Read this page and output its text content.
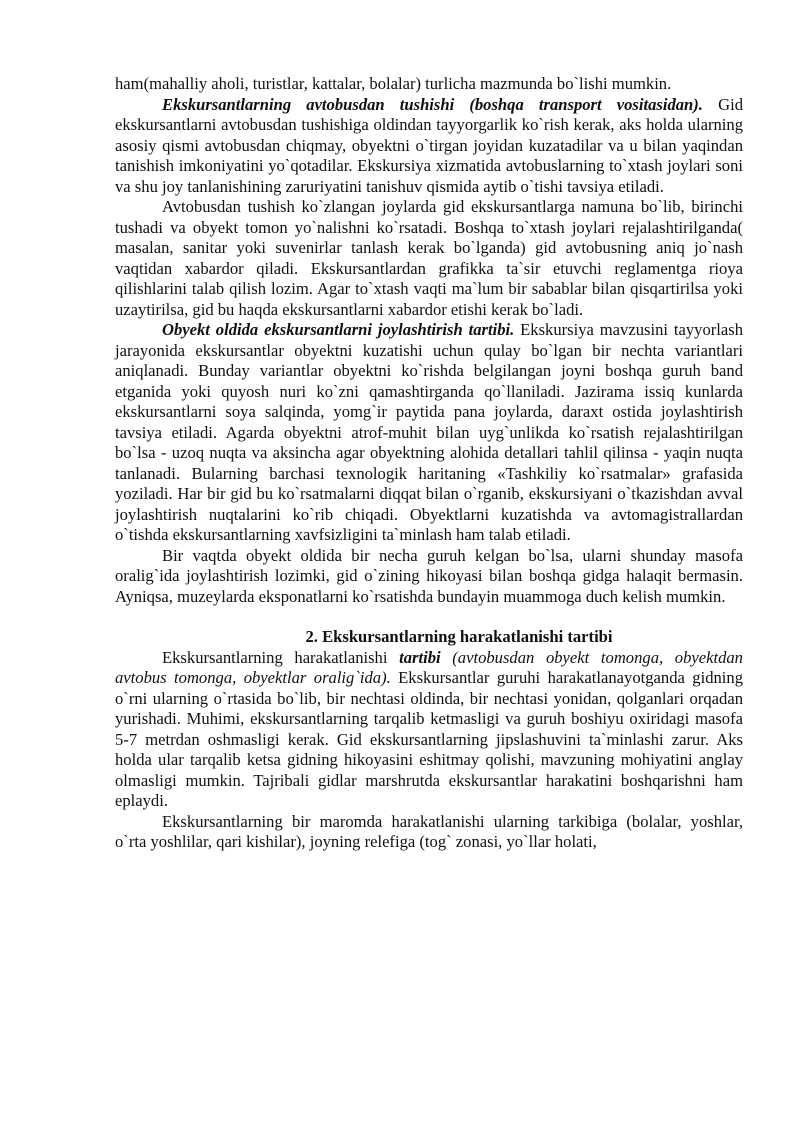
ham(mahalliy aholi, turistlar, kattalar, bolalar) turlicha mazmunda bo`lishi mumkin.

Ekskursantlarning avtobusdan tushishi (boshqa transport vositasidan). Gid ekskursantlarni avtobusdan tushishiga oldindan tayyorgarlik ko`rish kerak, aks holda ularning asosiy qismi avtobusdan chiqmay, obyektni o`tirgan joyidan kuzatadilar va u bilan yaqindan tanishish imkoniyatini yo`qotadilar. Ekskursiya xizmatida avtobuslarning to`xtash joylari soni va shu joy tanlanishining zaruriyatini tanishuv qismida aytib o`tishi tavsiya etiladi.

Avtobusdan tushish ko`zlangan joylarda gid ekskursantlarga namuna bo`lib, birinchi tushadi va obyekt tomon yo`nalishni ko`rsatadi. Boshqa to`xtash joylari rejalashtirilganda( masalan, sanitar yoki suvenirlar tanlash kerak bo`lganda) gid avtobusning aniq jo`nash vaqtidan xabardor qiladi. Ekskursantlardan grafikka ta`sir etuvchi reglamentga rioya qilishlarini talab qilish lozim. Agar to`xtash vaqti ma`lum bir sabablar bilan qisqartirilsa yoki uzaytirilsa, gid bu haqda ekskursantlarni xabardor etishi kerak bo`ladi.

Obyekt oldida ekskursantlarni joylashtirish tartibi. Ekskursiya mavzusini tayyorlash jarayonida ekskursantlar obyektni kuzatishi uchun qulay bo`lgan bir nechta variantlari aniqlanadi. Bunday variantlar obyektni ko`rishda belgilangan joyni boshqa guruh band etganida yoki quyosh nuri ko`zni qamashtirganda qo`llaniladi. Jazirama issiq kunlarda ekskursantlarni soya salqinda, yomg`ir paytida pana joylarda, daraxt ostida joylashtirish tavsiya etiladi. Agarda obyektni atrof-muhit bilan uyg`unlikda ko`rsatish rejalashtirilgan bo`lsa - uzoq nuqta va aksincha agar obyektning alohida detallari tahlil qilinsa - yaqin nuqta tanlanadi. Bularning barchasi texnologik haritaning «Tashkiliy ko`rsatmalar» grafasida yoziladi. Har bir gid bu ko`rsatmalarni diqqat bilan o`rganib, ekskursiyani o`tkazishdan avval joylashtirish nuqtalarini ko`rib chiqadi. Obyektlarni kuzatishda va avtomagistrallardan o`tishda ekskursantlarning xavfsizligini ta`minlash ham talab etiladi.

Bir vaqtda obyekt oldida bir necha guruh kelgan bo`lsa, ularni shunday masofa oralig`ida joylashtirish lozimki, gid o`zining hikoyasi bilan boshqa gidga halaqit bermasin. Ayniqsa, muzeylarda eksponatlarni ko`rsatishda bundayin muammoga duch kelish mumkin.

2. Ekskursantlarning harakatlanishi tartibi

Ekskursantlarning harakatlanishi tartibi (avtobusdan obyekt tomonga, obyektdan avtobus tomonga, obyektlar oralig`ida). Ekskursantlar guruhi harakatlanayotganda gidning o`rni ularning o`rtasida bo`lib, bir nechtasi oldinda, bir nechtasi yonidan, qolganlari orqadan yurishadi. Muhimi, ekskursantlarning tarqalib ketmasligi va guruh boshiyu oxiridagi masofa 5-7 metrdan oshmasligi kerak. Gid ekskursantlarning jipslashuvini ta`minlashi zarur. Aks holda ular tarqalib ketsa gidning hikoyasini eshitmay qolishi, mavzuning mohiyatini anglay olmasligi mumkin. Tajribali gidlar marshrutda ekskursantlar harakatini boshqarishni ham eplaydi.

Ekskursantlarning bir maromda harakatlanishi ularning tarkibiga (bolalar, yoshlar, o`rta yoshlilar, qari kishilar), joyning relefiga (tog` zonasi, yo`llar holati,
